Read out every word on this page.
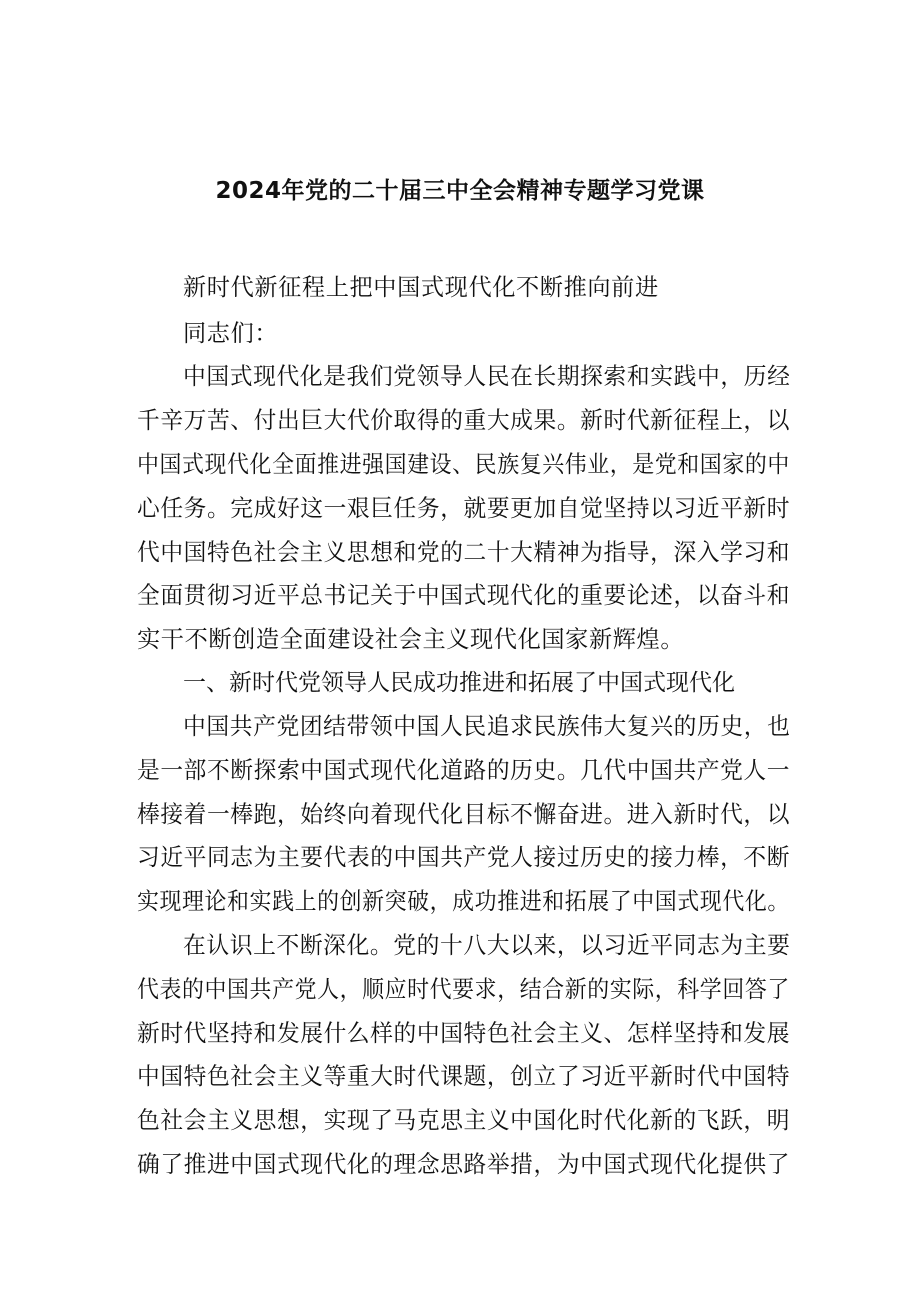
2024年党的二十届三中全会精神专题学习党课
新时代新征程上把中国式现代化不断推向前进
同志们：
中国式现代化是我们党领导人民在长期探索和实践中，历经
千辛万苦、付出巨大代价取得的重大成果。新时代新征程上，以
中国式现代化全面推进强国建设、民族复兴伟业，是党和国家的中
心任务。完成好这一艰巨任务，就要更加自觉坚持以习近平新时
代中国特色社会主义思想和党的二十大精神为指导，深入学习和
全面贯彻习近平总书记关于中国式现代化的重要论述，以奋斗和
实干不断创造全面建设社会主义现代化国家新辉煌。
一、新时代党领导人民成功推进和拓展了中国式现代化
中国共产党团结带领中国人民追求民族伟大复兴的历史，也
是一部不断探索中国式现代化道路的历史。几代中国共产党人一
棒接着一棒跑，始终向着现代化目标不懈奋进。进入新时代，以
习近平同志为主要代表的中国共产党人接过历史的接力棒，不断
实现理论和实践上的创新突破，成功推进和拓展了中国式现代化。
在认识上不断深化。党的十八大以来，以习近平同志为主要
代表的中国共产党人，顺应时代要求，结合新的实际，科学回答了
新时代坚持和发展什么样的中国特色社会主义、怎样坚持和发展
中国特色社会主义等重大时代课题，创立了习近平新时代中国特
色社会主义思想，实现了马克思主义中国化时代化新的飞跃，明
确了推进中国式现代化的理念思路举措，为中国式现代化提供了
